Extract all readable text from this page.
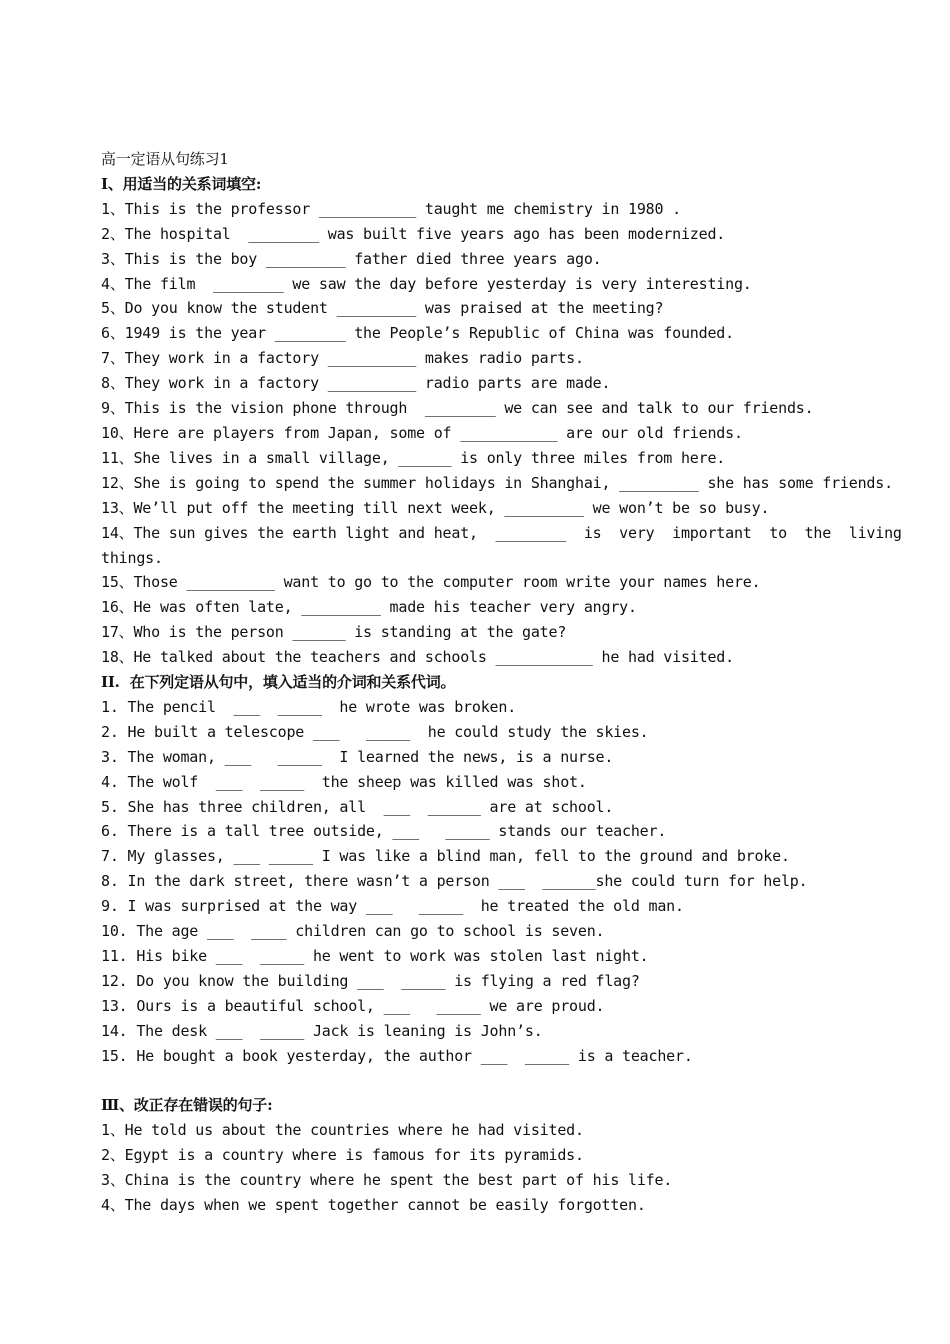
高一定语从句练习1

I、用适当的关系词填空:

1、This is the professor ___________ taught me chemistry in 1980 .

2、The hospital  ________ was built five years ago has been modernized.

3、This is the boy _________ father died three years ago.

4、The film  ________ we saw the day before yesterday is very interesting.

5、Do you know the student _________ was praised at the meeting?

6、1949 is the year ________ the People’s Republic of China was founded.

7、They work in a factory __________ makes radio parts.

8、They work in a factory __________ radio parts are made.

9、This is the vision phone through  ________ we can see and talk to our friends.

10、Here are players from Japan, some of ___________ are our old friends.

11、She lives in a small village, ______ is only three miles from here.

12、She is going to spend the summer holidays in Shanghai, _________ she has some friends.

13、We’ll put off the meeting till next week, _________ we won’t be so busy.

14、The sun gives the earth light and heat,  ________  is  very  important  to  the  living

things.

15、Those __________ want to go to the computer room write your names here.

16、He was often late, _________ made his teacher very angry.

17、Who is the person ______ is standing at the gate?

18、He talked about the teachers and schools ___________ he had visited.

II.  在下列定语从句中，填入适当的介词和关系代词。

1. The pencil  ___  _____  he wrote was broken.

2. He built a telescope ___   _____  he could study the skies.

3. The woman, ___   _____  I learned the news, is a nurse.

4. The wolf  ___  _____  the sheep was killed was shot.

5. She has three children, all  ___  ______ are at school.

6. There is a tall tree outside, ___   _____ stands our teacher.

7. My glasses, ___ _____ I was like a blind man, fell to the ground and broke.

8. In the dark street, there wasn’t a person ___  ______she could turn for help.

9. I was surprised at the way ___   _____  he treated the old man.

10. The age ___  ____ children can go to school is seven.

11. His bike ___  _____ he went to work was stolen last night.

12. Do you know the building ___  _____ is flying a red flag?

13. Ours is a beautiful school, ___   _____ we are proud.

14. The desk ___  _____ Jack is leaning is John’s.

15. He bought a book yesterday, the author ___  _____ is a teacher.

Ⅲ、改正存在错误的句子:

1、He told us about the countries where he had visited.

2、Egypt is a country where is famous for its pyramids.

3、China is the country where he spent the best part of his life.

4、The days when we spent together cannot be easily forgotten.
